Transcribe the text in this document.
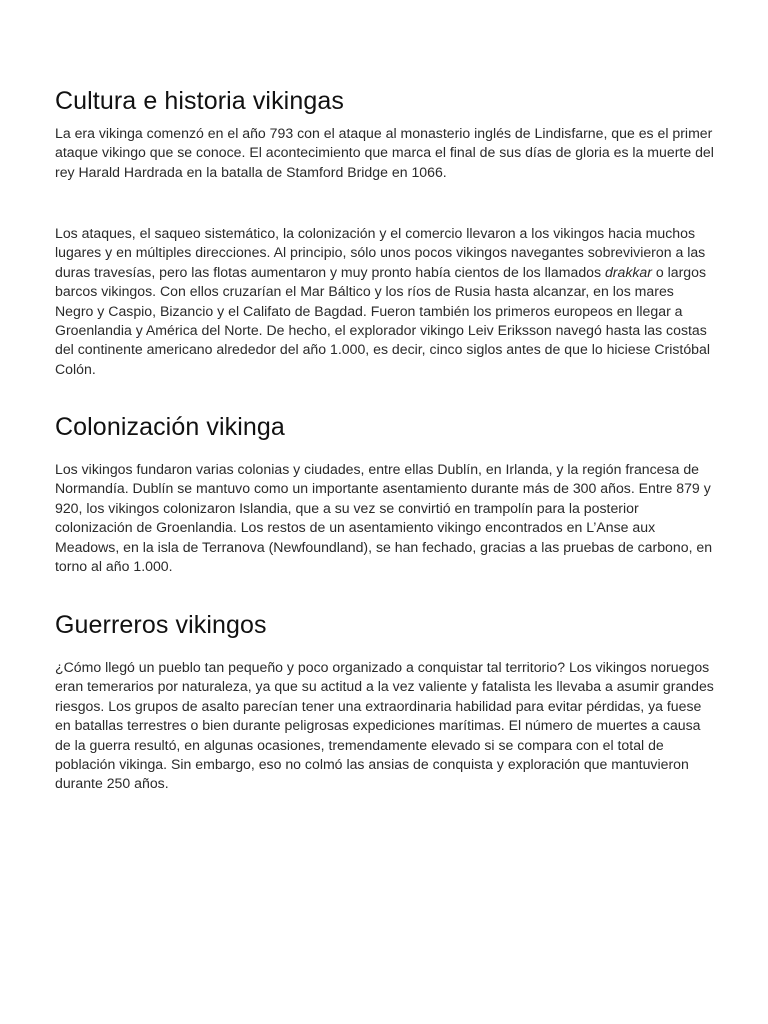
Cultura e historia vikingas

La era vikinga comenzó en el año 793 con el ataque al monasterio inglés de Lindisfarne, que es el primer ataque vikingo que se conoce. El acontecimiento que marca el final de sus días de gloria es la muerte del rey Harald Hardrada en la batalla de Stamford Bridge en 1066.

Los ataques, el saqueo sistemático, la colonización y el comercio llevaron a los vikingos hacia muchos lugares y en múltiples direcciones. Al principio, sólo unos pocos vikingos navegantes sobrevivieron a las duras travesías, pero las flotas aumentaron y muy pronto había cientos de los llamados drakkar o largos barcos vikingos. Con ellos cruzarían el Mar Báltico y los ríos de Rusia hasta alcanzar, en los mares Negro y Caspio, Bizancio y el Califato de Bagdad. Fueron también los primeros europeos en llegar a Groenlandia y América del Norte. De hecho, el explorador vikingo Leiv Eriksson navegó hasta las costas del continente americano alrededor del año 1.000, es decir, cinco siglos antes de que lo hiciese Cristóbal Colón.

Colonización vikinga

Los vikingos fundaron varias colonias y ciudades, entre ellas Dublín, en Irlanda, y la región francesa de Normandía. Dublín se mantuvo como un importante asentamiento durante más de 300 años. Entre 879 y 920, los vikingos colonizaron Islandia, que a su vez se convirtió en trampolín para la posterior colonización de Groenlandia. Los restos de un asentamiento vikingo encontrados en L’Anse aux Meadows, en la isla de Terranova (Newfoundland), se han fechado, gracias a las pruebas de carbono, en torno al año 1.000.

Guerreros vikingos

¿Cómo llegó un pueblo tan pequeño y poco organizado a conquistar tal territorio? Los vikingos noruegos eran temerarios por naturaleza, ya que su actitud a la vez valiente y fatalista les llevaba a asumir grandes riesgos. Los grupos de asalto parecían tener una extraordinaria habilidad para evitar pérdidas, ya fuese en batallas terrestres o bien durante peligrosas expediciones marítimas. El número de muertes a causa de la guerra resultó, en algunas ocasiones, tremendamente elevado si se compara con el total de población vikinga. Sin embargo, eso no colmó las ansias de conquista y exploración que mantuvieron durante 250 años.
